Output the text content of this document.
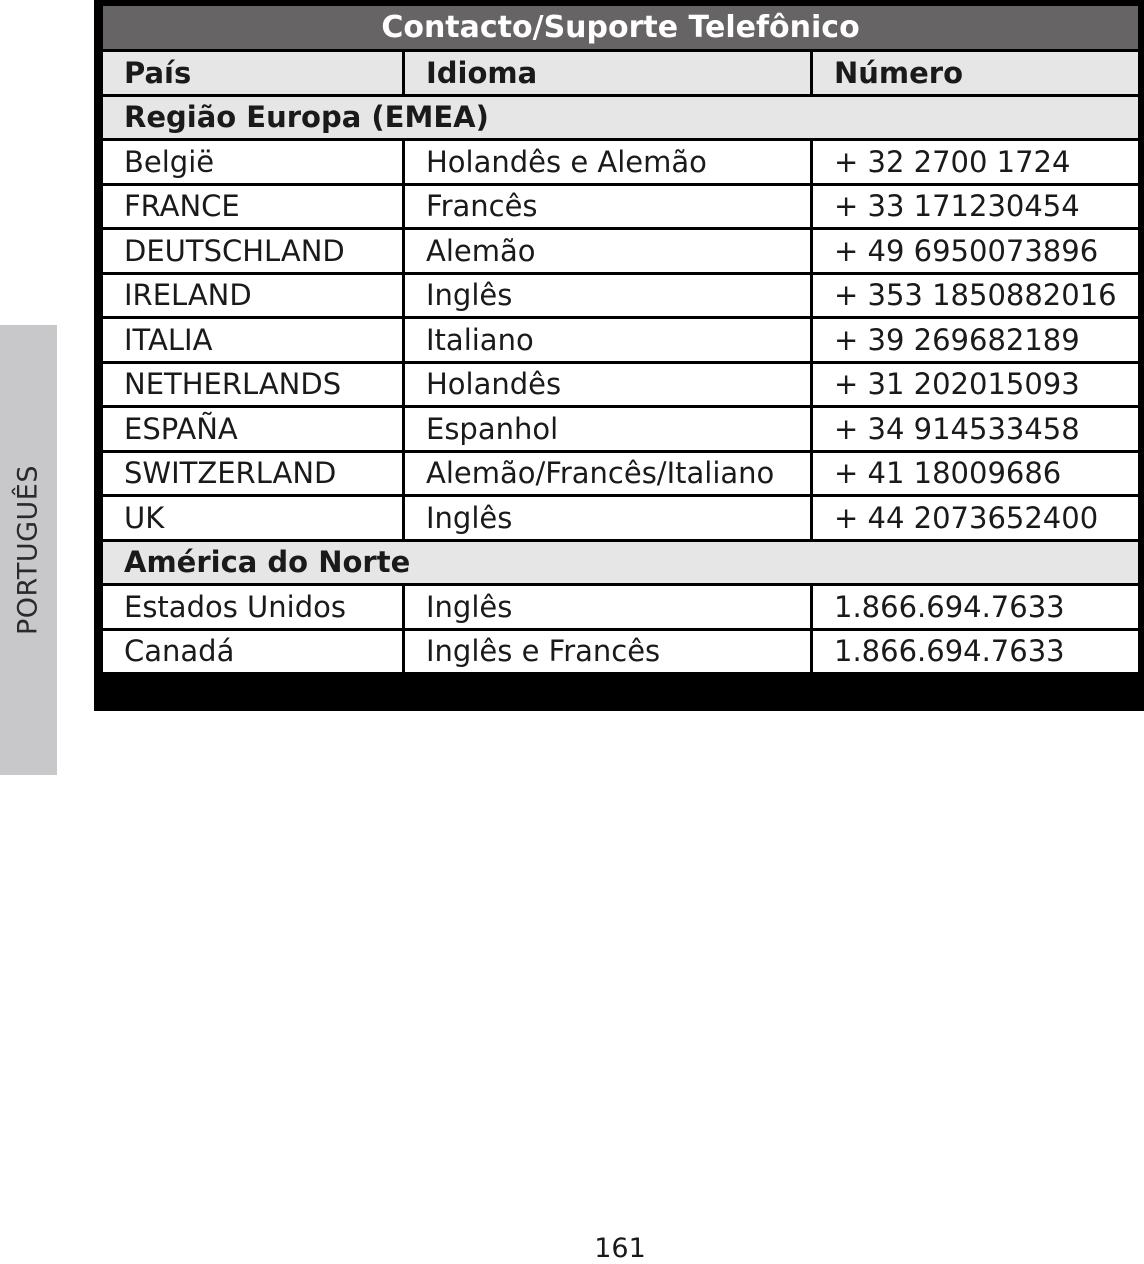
PORTUGUÊS
Contacto/Suporte Telefônico		
País	Idioma	Número
Região Europa (EMEA)		
België	Holandês e Alemão	+ 32 2700 1724
FRANCE	Francês	+ 33 171230454
DEUTSCHLAND	Alemão	+ 49 6950073896
IRELAND	Inglês	+ 353 1850882016
ITALIA	Italiano	+ 39 269682189
NETHERLANDS	Holandês	+ 31 202015093
ESPAÑA	Espanhol	+ 34 914533458
SWITZERLAND	Alemão/Francês/Italiano	+ 41 18009686
UK	Inglês	+ 44 2073652400
América do Norte		
Estados Unidos	Inglês	1.866.694.7633
Canadá	Inglês e Francês	1.866.694.7633
161
